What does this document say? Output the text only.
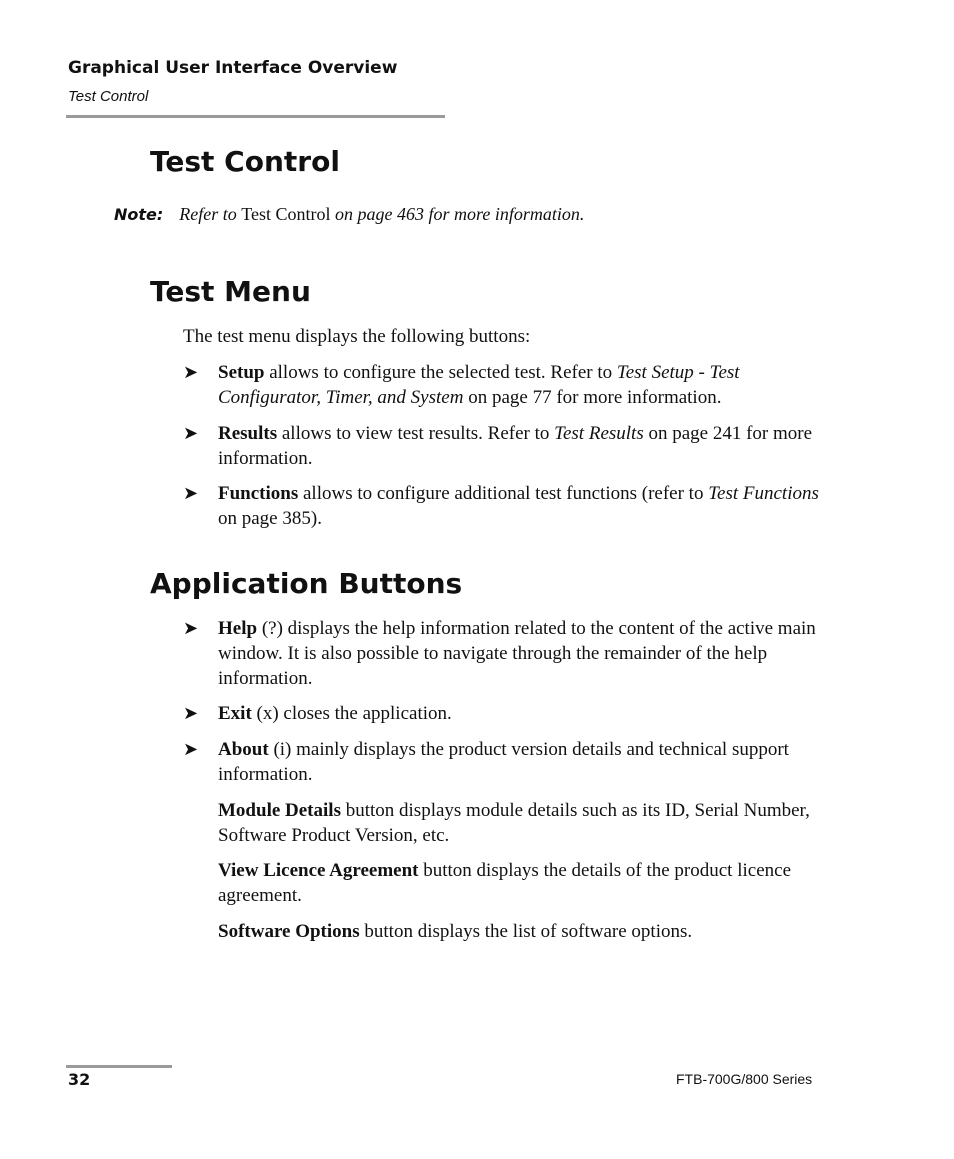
Graphical User Interface Overview
Test Control
Test Control
Note: Refer to Test Control on page 463 for more information.
Test Menu
The test menu displays the following buttons:
➤ Setup allows to configure the selected test. Refer to Test Setup - Test Configurator, Timer, and System on page 77 for more information.
➤ Results allows to view test results. Refer to Test Results on page 241 for more information.
➤ Functions allows to configure additional test functions (refer to Test Functions on page 385).
Application Buttons
➤ Help (?) displays the help information related to the content of the active main window. It is also possible to navigate through the remainder of the help information.
➤ Exit (x) closes the application.
➤ About (i) mainly displays the product version details and technical support information.
Module Details button displays module details such as its ID, Serial Number, Software Product Version, etc.
View Licence Agreement button displays the details of the product licence agreement.
Software Options button displays the list of software options.
32	FTB-700G/800 Series
